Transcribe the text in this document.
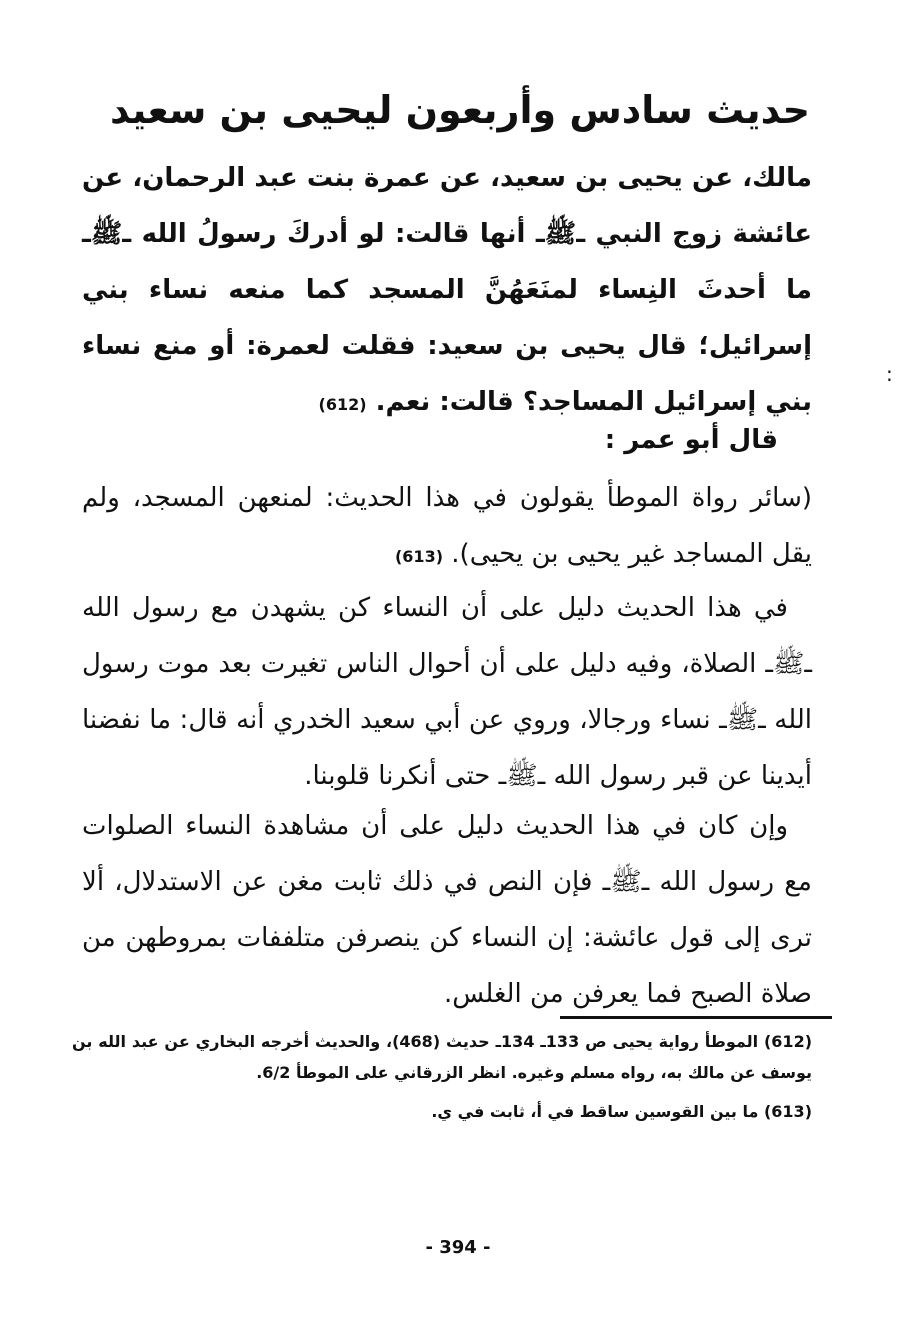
حديث سادس وأربعون ليحيى بن سعيد
مالك، عن يحيى بن سعيد، عن عمرة بنت عبد الرحمان، عن عائشة زوج النبي ـﷺـ أنها قالت: لو أدركَ رسولُ الله ـﷺـ ما أحدثَ النِساء لمنَعَهُنَّ المسجد كما منعه نساء بني إسرائيل؛ قال يحيى بن سعيد: فقلت لعمرة: أو منع نساء بني إسرائيل المساجد؟ قالت: نعم. (612)
:
قال أبو عمر :
(سائر رواة الموطأ يقولون في هذا الحديث: لمنعهن المسجد، ولم يقل المساجد غير يحيى بن يحيى). (613)
في هذا الحديث دليل على أن النساء كن يشهدن مع رسول الله ـﷺـ الصلاة، وفيه دليل على أن أحوال الناس تغيرت بعد موت رسول الله ـﷺـ نساء ورجالا، وروي عن أبي سعيد الخدري أنه قال: ما نفضنا أيدينا عن قبر رسول الله ـﷺـ حتى أنكرنا قلوبنا.
وإن كان في هذا الحديث دليل على أن مشاهدة النساء الصلوات مع رسول الله ـﷺـ فإن النص في ذلك ثابت مغن عن الاستدلال، ألا ترى إلى قول عائشة: إن النساء كن ينصرفن متلففات بمروطهن من صلاة الصبح فما يعرفن من الغلس.
(612) الموطأ رواية يحيى ص 133ـ 134ـ حديث (468)، والحديث أخرجه البخاري عن عبد الله بن يوسف عن مالك به، رواه مسلم وغيره. انظر الزرقاني على الموطأ 6/2.
(613) ما بين القوسين ساقط في أ، ثابت في ي.
- 394 -
